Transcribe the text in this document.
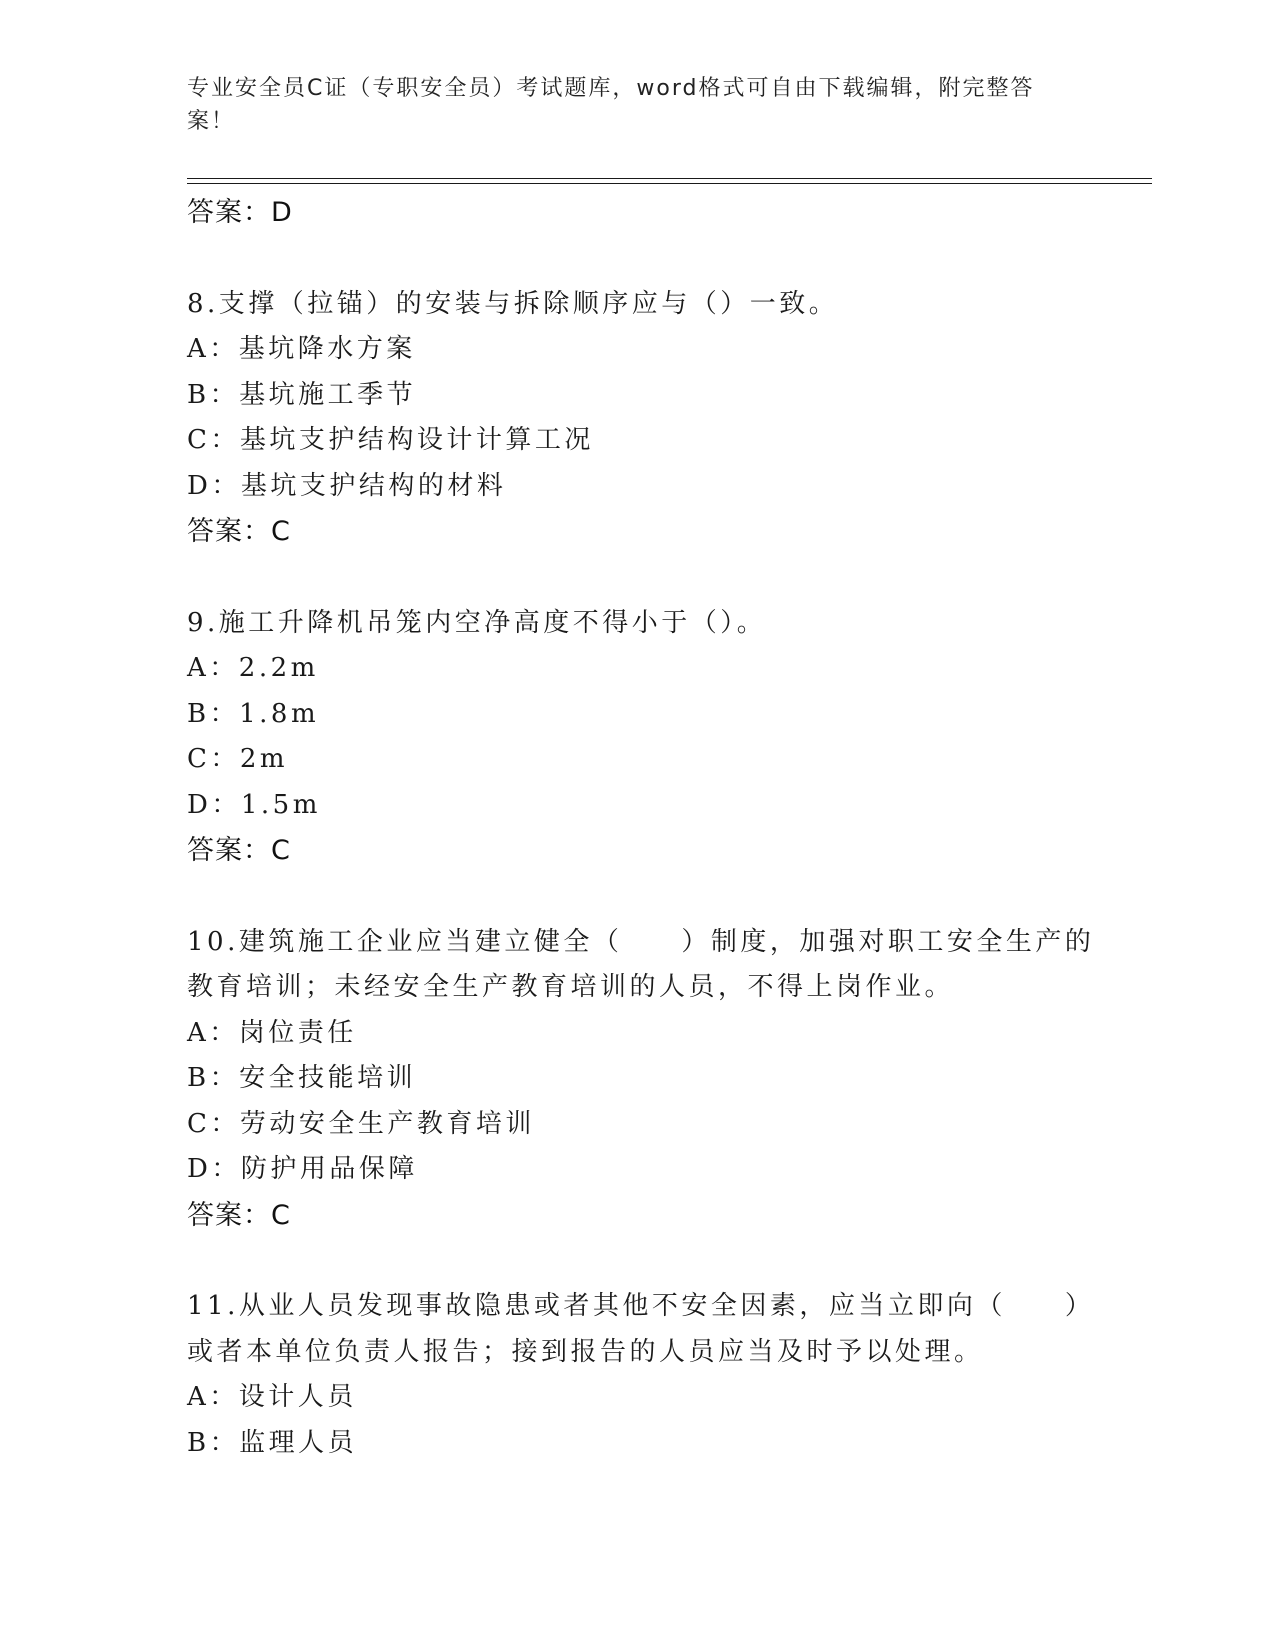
专业安全员C证（专职安全员）考试题库，word格式可自由下载编辑，附完整答案！
答案：D
8.支撑（拉锚）的安装与拆除顺序应与（）一致。
A：基坑降水方案
B：基坑施工季节
C：基坑支护结构设计计算工况
D：基坑支护结构的材料
答案：C
9.施工升降机吊笼内空净高度不得小于（）。
A：2.2m
B：1.8m
C：2m
D：1.5m
答案：C
10.建筑施工企业应当建立健全（　　）制度，加强对职工安全生产的
教育培训；未经安全生产教育培训的人员，不得上岗作业。
A：岗位责任
B：安全技能培训
C：劳动安全生产教育培训
D：防护用品保障
答案：C
11.从业人员发现事故隐患或者其他不安全因素，应当立即向（　　）
或者本单位负责人报告；接到报告的人员应当及时予以处理。
A：设计人员
B：监理人员
